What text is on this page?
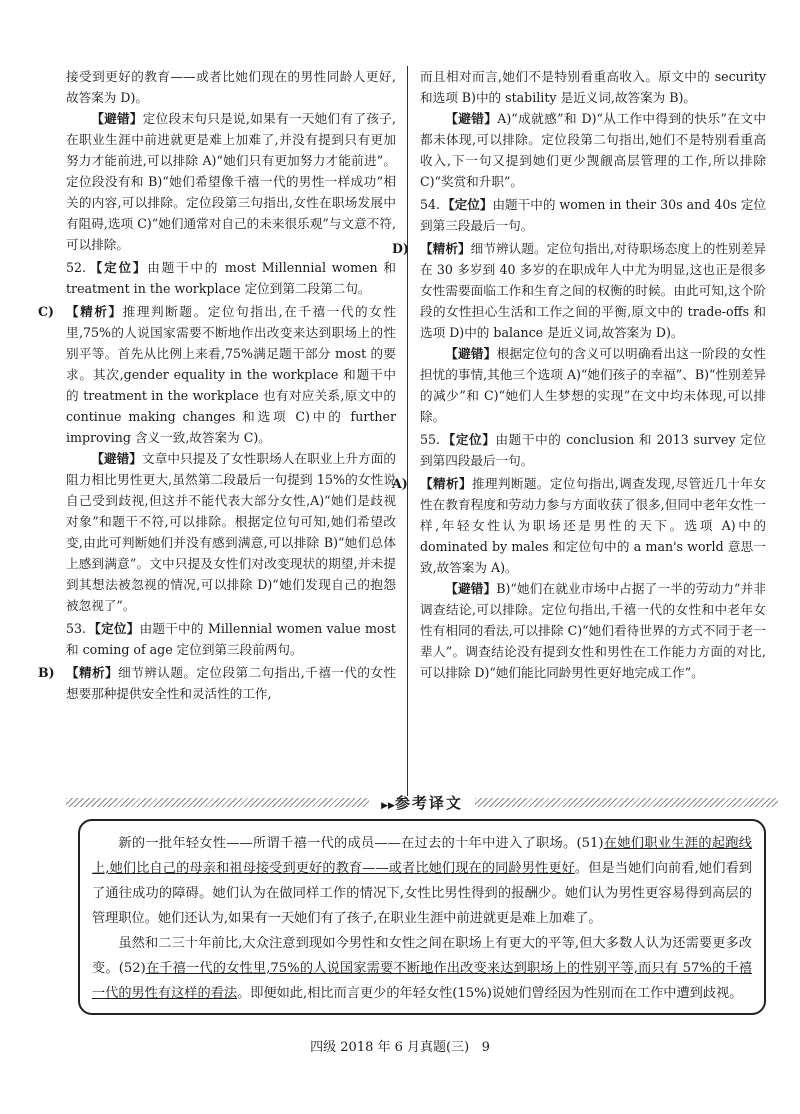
接受到更好的教育——或者比她们现在的男性同龄人更好,故答案为 D)。

【避错】定位段末句只是说,如果有一天她们有了孩子,在职业生涯中前进就更是难上加难了,并没有提到只有更加努力才能前进,可以排除 A)“她们只有更加努力才能前进”。定位段没有和 B)“她们希望像千禧一代的男性一样成功”相关的内容,可以排除。定位段第三句指出,女性在职场发展中有阻碍,选项 C)“她们通常对自己的未来很乐观”与文意不符,可以排除。

52. 【定位】由题干中的 most Millennial women 和 treatment in the workplace 定位到第二段第二句。

C) 【精析】推理判断题。定位句指出,在千禧一代的女性里,75%的人说国家需要不断地作出改变来达到职场上的性别平等。首先从比例上来看,75%满足题干部分 most 的要求。其次,gender equality in the workplace 和题干中的 treatment in the workplace 也有对应关系,原文中的 continue making changes 和选项 C)中的 further improving 含义一致,故答案为 C)。

【避错】文章中只提及了女性职场人在职业上升方面的阻力相比男性更大,虽然第二段最后一句提到 15%的女性说自己受到歧视,但这并不能代表大部分女性,A)“她们是歧视对象”和题干不符,可以排除。根据定位句可知,她们希望改变,由此可判断她们并没有感到满意,可以排除 B)“她们总体上感到满意”。文中只提及女性们对改变现状的期望,并未提到其想法被忽视的情况,可以排除 D)“她们发现自己的抱怨被忽视了”。

53. 【定位】由题干中的 Millennial women value most 和 coming of age 定位到第三段前两句。

B) 【精析】细节辨认题。定位段第二句指出,千禧一代的女性想要那种提供安全性和灵活性的工作,

而且相对而言,她们不是特别看重高收入。原文中的 security 和选项 B)中的 stability 是近义词,故答案为 B)。

【避错】A)“成就感”和 D)“从工作中得到的快乐”在文中都未体现,可以排除。定位段第二句指出,她们不是特别看重高收入,下一句又提到她们更少觊觎高层管理的工作,所以排除 C)“奖赏和升职”。

54. 【定位】由题干中的 women in their 30s and 40s 定位到第三段最后一句。

D) 【精析】细节辨认题。定位句指出,对待职场态度上的性别差异在 30 多岁到 40 多岁的在职成年人中尤为明显,这也正是很多女性需要面临工作和生育之间的权衡的时候。由此可知,这个阶段的女性担心生活和工作之间的平衡,原文中的 trade-offs 和选项 D)中的 balance 是近义词,故答案为 D)。

【避错】根据定位句的含义可以明确看出这一阶段的女性担忧的事情,其他三个选项 A)“她们孩子的幸福”、B)“性别差异的减少”和 C)“她们人生梦想的实现”在文中均未体现,可以排除。

55. 【定位】由题干中的 conclusion 和 2013 survey 定位到第四段最后一句。

A) 【精析】推理判断题。定位句指出,调查发现,尽管近几十年女性在教育程度和劳动力参与方面收获了很多,但同中老年女性一样,年轻女性认为职场还是男性的天下。选项 A)中的 dominated by males 和定位句中的 a man's world 意思一致,故答案为 A)。

【避错】B)“她们在就业市场中占据了一半的劳动力”并非调查结论,可以排除。定位句指出,千禧一代的女性和中老年女性有相同的看法,可以排除 C)“她们看待世界的方式不同于老一辈人”。调查结论没有提到女性和男性在工作能力方面的对比,可以排除 D)“她们能比同龄男性更好地完成工作”。

▶▶ 参考译文

新的一批年轻女性——所谓千禧一代的成员——在过去的十年中进入了职场。(51)在她们职业生涯的起跑线上,她们比自己的母亲和祖母接受到更好的教育——或者比她们现在的同龄男性更好。但是当她们向前看,她们看到了通往成功的障碍。她们认为在做同样工作的情况下,女性比男性得到的报酬少。她们认为男性更容易得到高层的管理职位。她们还认为,如果有一天她们有了孩子,在职业生涯中前进就更是难上加难了。

虽然和二三十年前比,大众注意到现如今男性和女性之间在职场上有更大的平等,但大多数人认为还需要更多改变。(52)在千禧一代的女性里,75%的人说国家需要不断地作出改变来达到职场上的性别平等,而只有 57%的千禧一代的男性有这样的看法。即便如此,相比而言更少的年轻女性(15%)说她们曾经因为性别而在工作中遭到歧视。

四级 2018 年 6 月真题(三) 9
